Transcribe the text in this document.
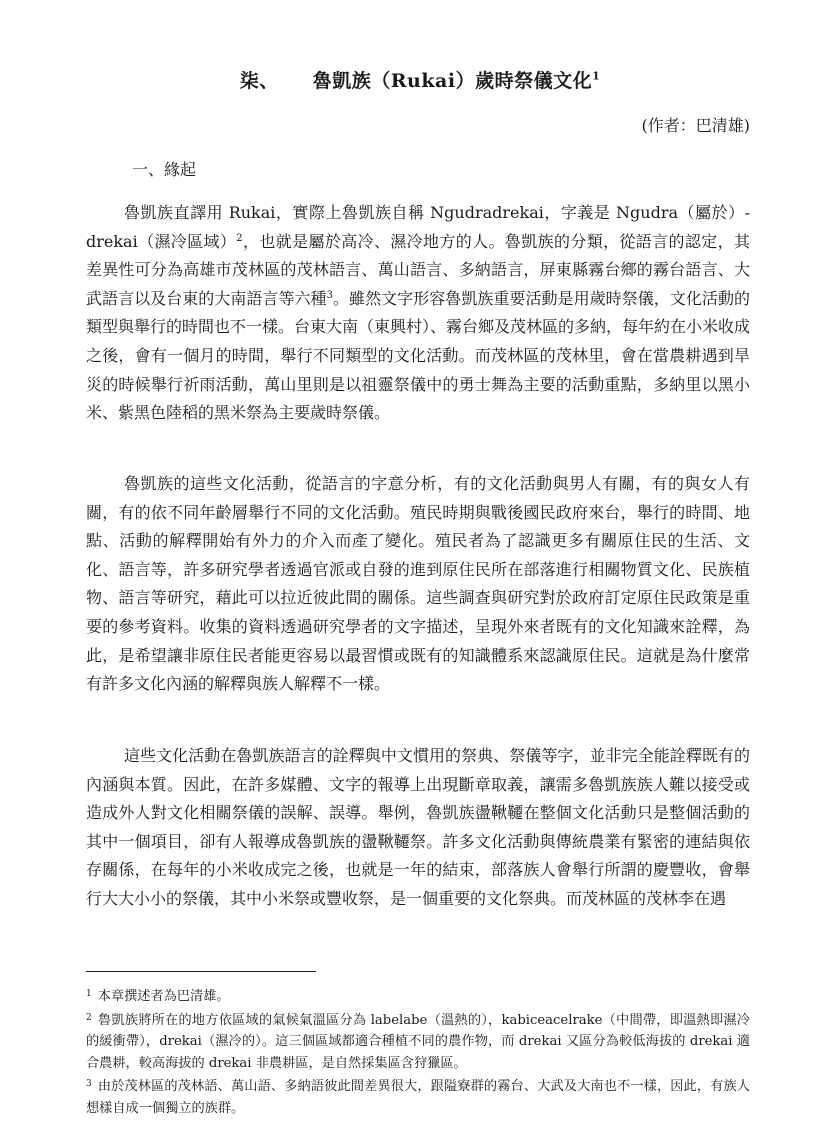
柒、 魯凱族（Rukai）歲時祭儀文化$^1$
(作者：巴清雄)
一、緣起

魯凱族直譯用 Rukai，實際上魯凱族自稱 Ngudradrekai，字義是 Ngudra（屬於）-drekai（濕冷區域）$^2$，也就是屬於高冷、濕冷地方的人。魯凱族的分類，從語言的認定，其差異性可分為高雄市茂林區的茂林語言、萬山語言、多納語言，屏東縣霧台鄉的霧台語言、大武語言以及台東的大南語言等六種$^3$。雖然文字形容魯凱族重要活動是用歲時祭儀，文化活動的類型與舉行的時間也不一樣。台東大南（東興村）、霧台鄉及茂林區的多納，每年約在小米收成之後，會有一個月的時間，舉行不同類型的文化活動。而茂林區的茂林里，會在當農耕遇到旱災的時候舉行祈雨活動，萬山里則是以祖靈祭儀中的勇士舞為主要的活動重點，多納里以黑小米、紫黑色陸稻的黑米祭為主要歲時祭儀。

魯凱族的這些文化活動，從語言的字意分析，有的文化活動與男人有關，有的與女人有關，有的依不同年齡層舉行不同的文化活動。殖民時期與戰後國民政府來台，舉行的時間、地點、活動的解釋開始有外力的介入而產了變化。殖民者為了認識更多有關原住民的生活、文化、語言等，許多研究學者透過官派或自發的進到原住民所在部落進行相關物質文化、民族植物、語言等研究，藉此可以拉近彼此間的關係。這些調查與研究對於政府訂定原住民政策是重要的參考資料。收集的資料透過研究學者的文字描述，呈現外來者既有的文化知識來詮釋，為此，是希望讓非原住民者能更容易以最習慣或既有的知識體系來認識原住民。這就是為什麼常有許多文化內涵的解釋與族人解釋不一樣。

這些文化活動在魯凱族語言的詮釋與中文慣用的祭典、祭儀等字，並非完全能詮釋既有的內涵與本質。因此，在許多媒體、文字的報導上出現斷章取義，讓需多魯凱族族人難以接受或造成外人對文化相關祭儀的誤解、誤導。舉例，魯凱族盪鞦韆在整個文化活動只是整個活動的其中一個項目，卻有人報導成魯凱族的盪鞦韆祭。許多文化活動與傳統農業有緊密的連結與依存關係，在每年的小米收成完之後，也就是一年的結束，部落族人會舉行所謂的慶豐收，會舉行大大小小的祭儀，其中小米祭或豐收祭，是一個重要的文化祭典。而茂林區的茂林李在遇

$^1$ 本章撰述者為巴清雄。

$^2$ 魯凱族將所在的地方依區域的氣候氣溫區分為 labelabe（溫熱的），kabiceacelrake（中間帶，即溫熱即濕冷的緩衝帶），drekai（濕冷的）。這三個區域都適合種植不同的農作物，而 drekai 又區分為較低海拔的 drekai 適合農耕，較高海拔的 drekai 非農耕區，是自然採集區含狩獵區。

$^3$ 由於茂林區的茂林語、萬山語、多納語彼此間差異很大，跟隘寮群的霧台、大武及大南也不一樣，因此，有族人想樣自成一個獨立的族群。
